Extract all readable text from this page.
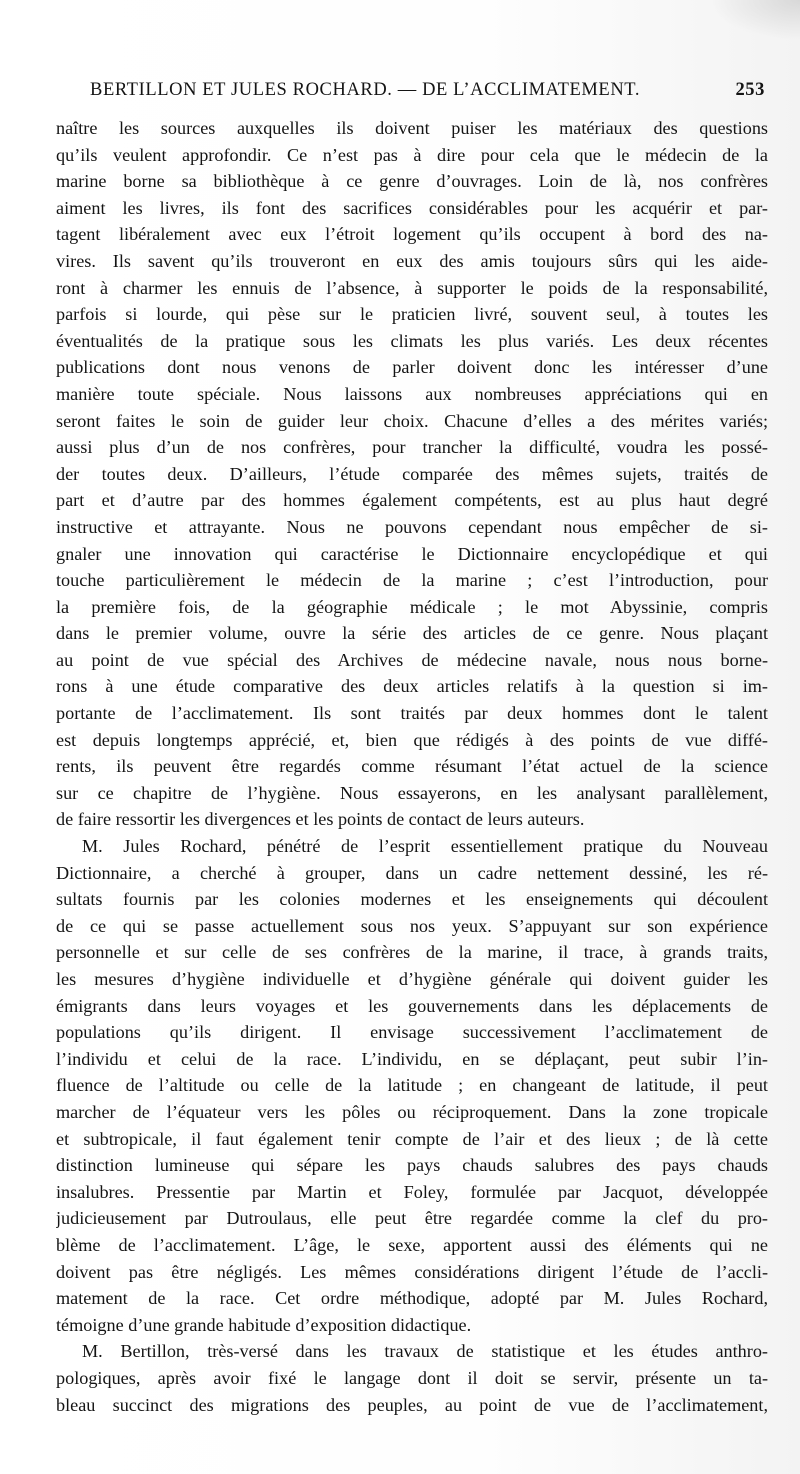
BERTILLON ET JULES ROCHARD. — DE L’ACCLIMATEMENT.	253
naître les sources auxquelles ils doivent puiser les matériaux des questions
qu’ils veulent approfondir. Ce n’est pas à dire pour cela que le médecin de la
marine borne sa bibliothèque à ce genre d’ouvrages. Loin de là, nos confrères
aiment les livres, ils font des sacrifices considérables pour les acquérir et par-
tagent libéralement avec eux l’étroit logement qu’ils occupent à bord des na-
vires. Ils savent qu’ils trouveront en eux des amis toujours sûrs qui les aide-
ront à charmer les ennuis de l’absence, à supporter le poids de la responsabilité,
parfois si lourde, qui pèse sur le praticien livré, souvent seul, à toutes les
éventualités de la pratique sous les climats les plus variés. Les deux récentes
publications dont nous venons de parler doivent donc les intéresser d’une
manière toute spéciale. Nous laissons aux nombreuses appréciations qui en
seront faites le soin de guider leur choix. Chacune d’elles a des mérites variés;
aussi plus d’un de nos confrères, pour trancher la difficulté, voudra les possé-
der toutes deux. D’ailleurs, l’étude comparée des mêmes sujets, traités de
part et d’autre par des hommes également compétents, est au plus haut degré
instructive et attrayante. Nous ne pouvons cependant nous empêcher de si-
gnaler une innovation qui caractérise le Dictionnaire encyclopédique et qui
touche particulièrement le médecin de la marine ; c’est l’introduction, pour
la première fois, de la géographie médicale ; le mot Abyssinie, compris
dans le premier volume, ouvre la série des articles de ce genre. Nous plaçant
au point de vue spécial des Archives de médecine navale, nous nous borne-
rons à une étude comparative des deux articles relatifs à la question si im-
portante de l’acclimatement. Ils sont traités par deux hommes dont le talent
est depuis longtemps apprécié, et, bien que rédigés à des points de vue diffé-
rents, ils peuvent être regardés comme résumant l’état actuel de la science
sur ce chapitre de l’hygiène. Nous essayerons, en les analysant parallèlement,
de faire ressortir les divergences et les points de contact de leurs auteurs.
M. Jules Rochard, pénétré de l’esprit essentiellement pratique du Nouveau
Dictionnaire, a cherché à grouper, dans un cadre nettement dessiné, les ré-
sultats fournis par les colonies modernes et les enseignements qui découlent
de ce qui se passe actuellement sous nos yeux. S’appuyant sur son expérience
personnelle et sur celle de ses confrères de la marine, il trace, à grands traits,
les mesures d’hygiène individuelle et d’hygiène générale qui doivent guider les
émigrants dans leurs voyages et les gouvernements dans les déplacements de
populations qu’ils dirigent. Il envisage successivement l’acclimatement de
l’individu et celui de la race. L’individu, en se déplaçant, peut subir l’in-
fluence de l’altitude ou celle de la latitude ; en changeant de latitude, il peut
marcher de l’équateur vers les pôles ou réciproquement. Dans la zone tropicale
et subtropicale, il faut également tenir compte de l’air et des lieux ; de là cette
distinction lumineuse qui sépare les pays chauds salubres des pays chauds
insalubres. Pressentie par Martin et Foley, formulée par Jacquot, développée
judicieusement par Dutroulaus, elle peut être regardée comme la clef du pro-
blème de l’acclimatement. L’âge, le sexe, apportent aussi des éléments qui ne
doivent pas être négligés. Les mêmes considérations dirigent l’étude de l’accli-
matement de la race. Cet ordre méthodique, adopté par M. Jules Rochard,
témoigne d’une grande habitude d’exposition didactique.
M. Bertillon, très-versé dans les travaux de statistique et les études anthro-
pologiques, après avoir fixé le langage dont il doit se servir, présente un ta-
bleau succinct des migrations des peuples, au point de vue de l’acclimatement,
